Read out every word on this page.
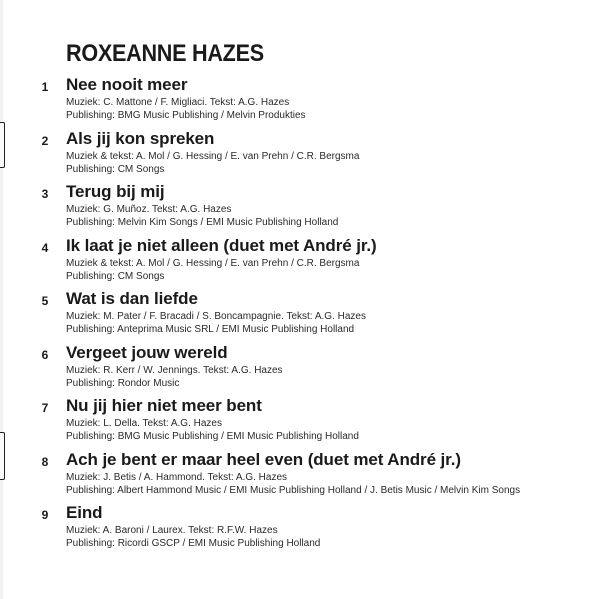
ROXEANNE HAZES
1 Nee nooit meer
Muziek: C. Mattone / F. Migliaci. Tekst: A.G. Hazes
Publishing: BMG Music Publishing / Melvin Produkties
2 Als jij kon spreken
Muziek & tekst: A. Mol / G. Hessing / E. van Prehn / C.R. Bergsma
Publishing: CM Songs
3 Terug bij mij
Muziek: G. Muñoz. Tekst: A.G. Hazes
Publishing: Melvin Kim Songs / EMI Music Publishing Holland
4 Ik laat je niet alleen (duet met André jr.)
Muziek & tekst: A. Mol / G. Hessing / E. van Prehn / C.R. Bergsma
Publishing: CM Songs
5 Wat is dan liefde
Muziek: M. Pater / F. Bracadi / S. Boncampagnie. Tekst: A.G. Hazes
Publishing: Anteprima Music SRL / EMI Music Publishing Holland
6 Vergeet jouw wereld
Muziek: R. Kerr / W. Jennings. Tekst: A.G. Hazes
Publishing: Rondor Music
7 Nu jij hier niet meer bent
Muziek: L. Della. Tekst: A.G. Hazes
Publishing: BMG Music Publishing / EMI Music Publishing Holland
8 Ach je bent er maar heel even (duet met André jr.)
Muziek: J. Betis / A. Hammond. Tekst: A.G. Hazes
Publishing: Albert Hammond Music / EMI Music Publishing Holland / J. Betis Music / Melvin Kim Songs
9 Eind
Muziek: A. Baroni / Laurex. Tekst: R.F.W. Hazes
Publishing: Ricordi GSCP / EMI Music Publishing Holland
